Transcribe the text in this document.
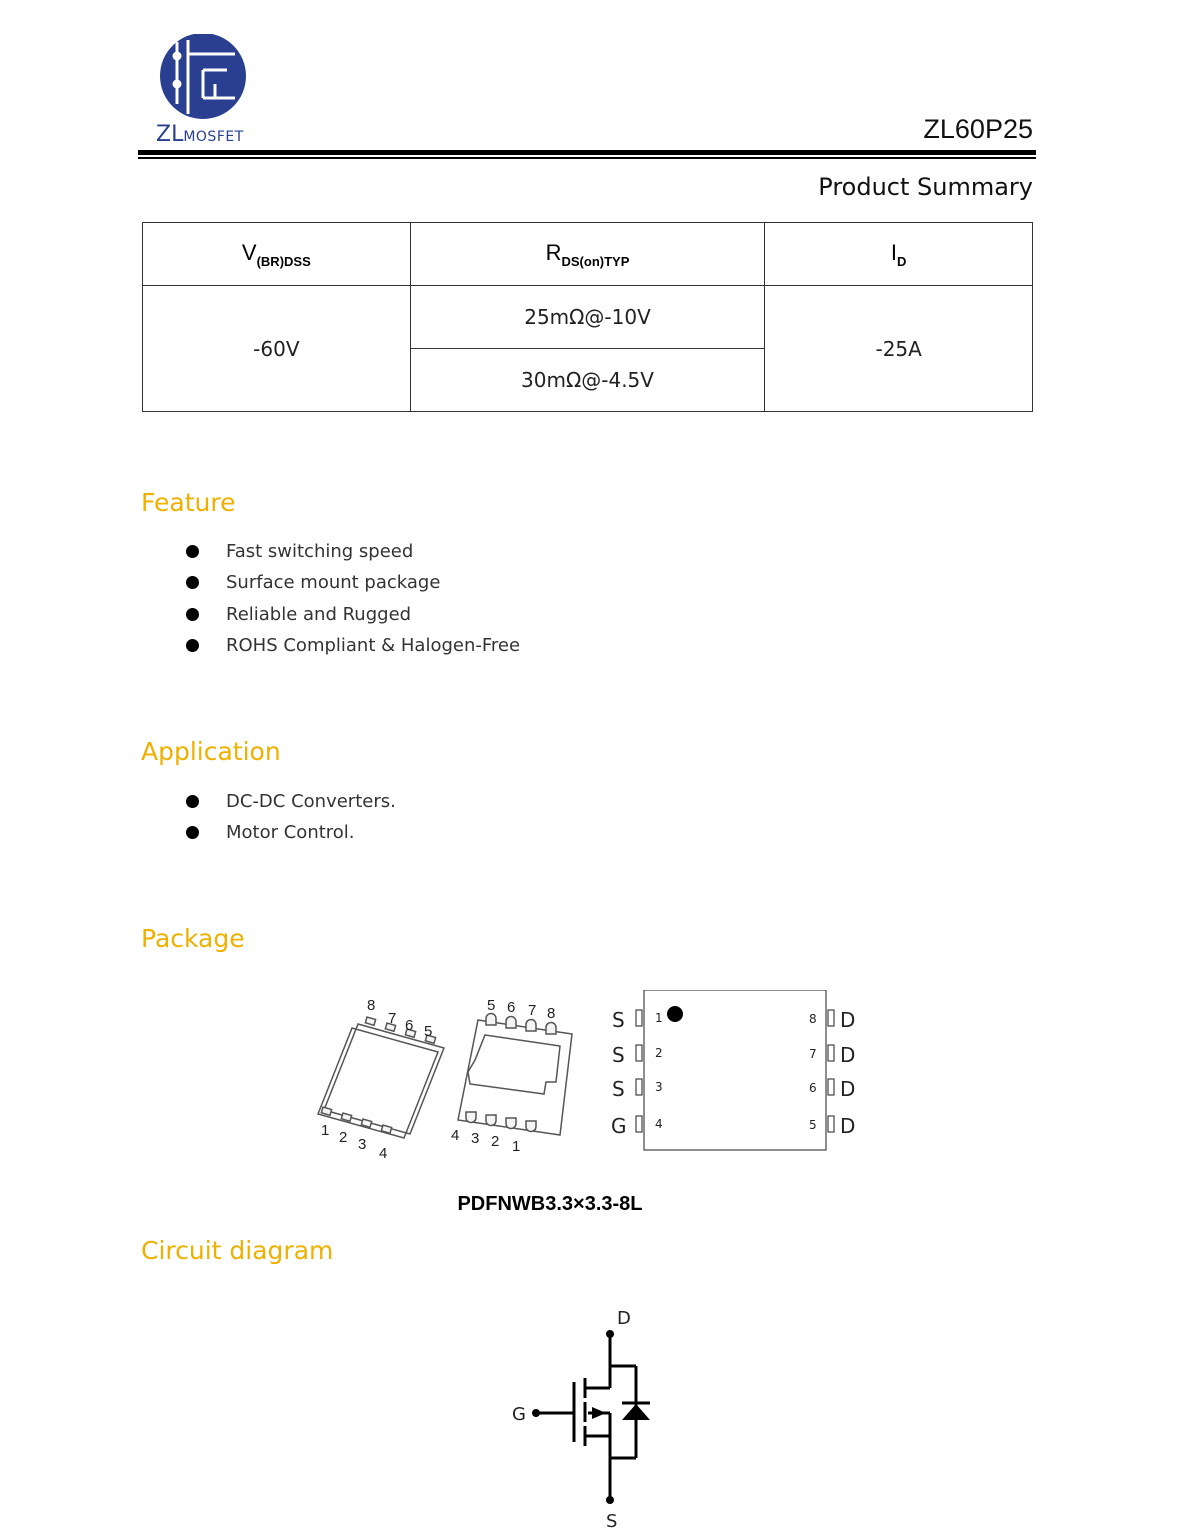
ZLMOSFET	ZL60P25
Product Summary
$V_{(BR)DSS}$	$R_{DS(on)TYP}$	$I_D$
-60V	25mΩ@-10V	-25A
	30mΩ@-4.5V	
Feature
Fast switching speed
Surface mount package
Reliable and Rugged
ROHS Compliant & Halogen-Free
Application
DC-DC Converters.
Motor Control.
Package
8
7 6 5
1 2 3
4
5 6 7 8
4 3 2 1
S
S
S
G
D
D
D
D
1
2
3
4
8
7
6
5
PDFNWB3.3×3.3-8L
Circuit diagram
D
G
S
